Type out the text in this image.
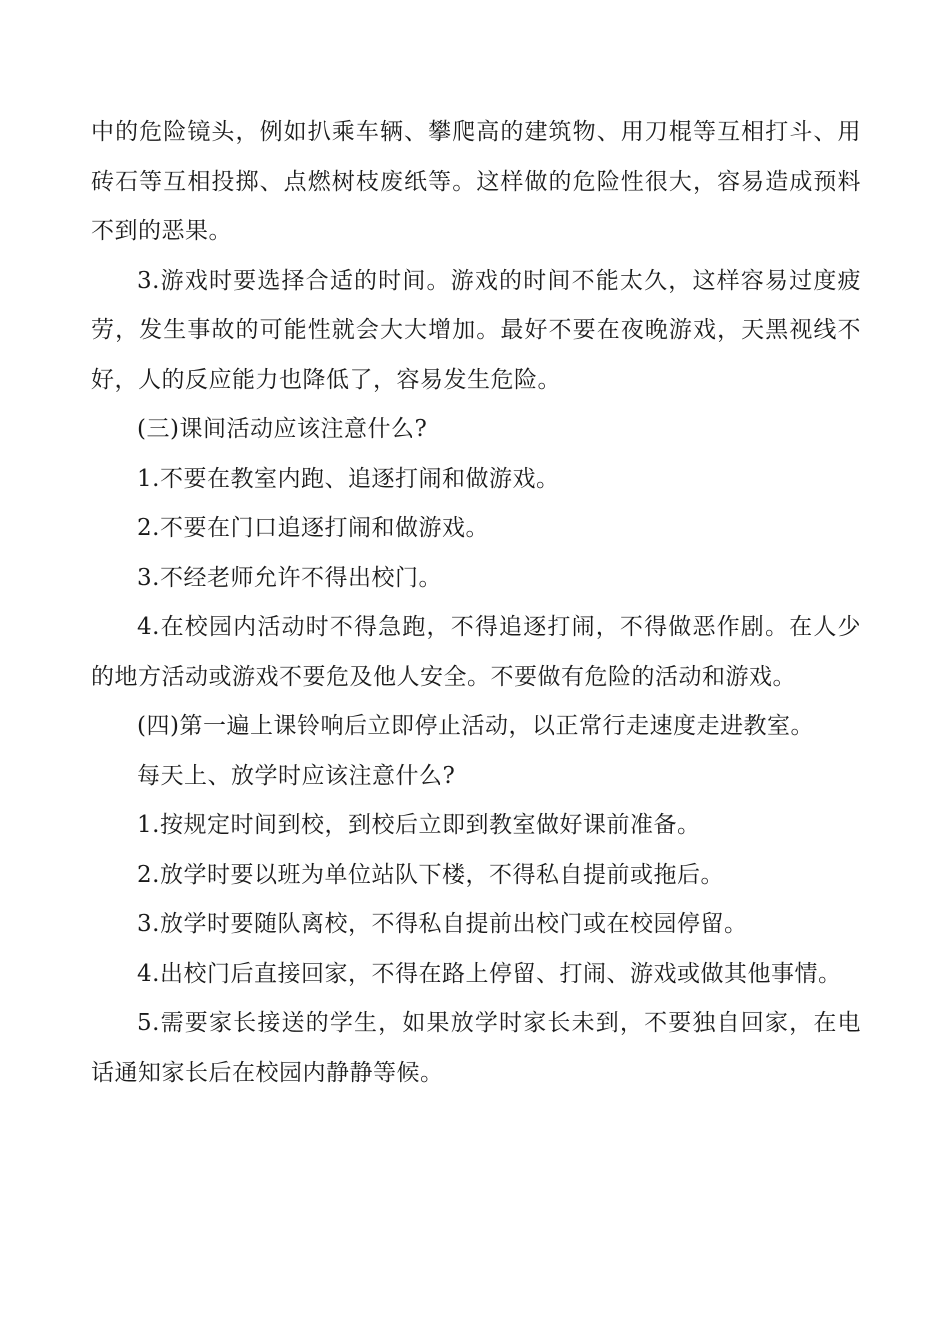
中的危险镜头，例如扒乘车辆、攀爬高的建筑物、用刀棍等互相打斗、用砖石等互相投掷、点燃树枝废纸等。这样做的危险性很大，容易造成预料不到的恶果。

3.游戏时要选择合适的时间。游戏的时间不能太久，这样容易过度疲劳，发生事故的可能性就会大大增加。最好不要在夜晚游戏，天黑视线不好，人的反应能力也降低了，容易发生危险。

(三)课间活动应该注意什么?

1.不要在教室内跑、追逐打闹和做游戏。

2.不要在门口追逐打闹和做游戏。

3.不经老师允许不得出校门。

4.在校园内活动时不得急跑，不得追逐打闹，不得做恶作剧。在人少的地方活动或游戏不要危及他人安全。不要做有危险的活动和游戏。

(四)第一遍上课铃响后立即停止活动，以正常行走速度走进教室。

每天上、放学时应该注意什么?

1.按规定时间到校，到校后立即到教室做好课前准备。

2.放学时要以班为单位站队下楼，不得私自提前或拖后。

3.放学时要随队离校，不得私自提前出校门或在校园停留。

4.出校门后直接回家，不得在路上停留、打闹、游戏或做其他事情。

5.需要家长接送的学生，如果放学时家长未到，不要独自回家，在电话通知家长后在校园内静静等候。
